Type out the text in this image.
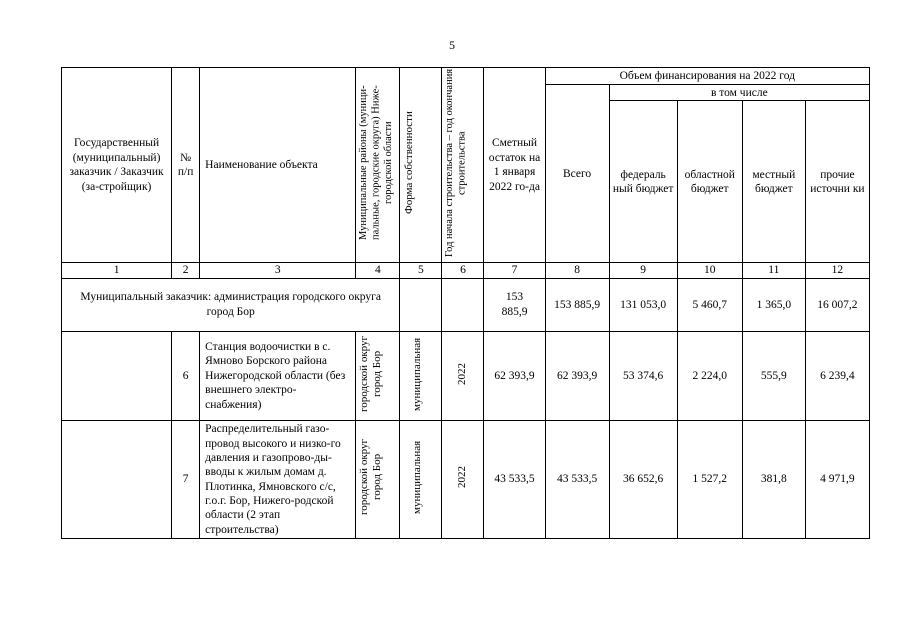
5
Государственный (муниципальный) заказчик / Заказчик (за-стройщик)	№ п/п	Наименование объекта	Муниципальные районы (муници-пальные, городские округа) Ниже-городской области	Форма собственности	Год начала строительства – год окончания строительства	Сметный остаток на 1 января 2022 го-да	Объем финансирования на 2022 год				
							Всего	в том числе			
								федераль ный бюджет	областной бюджет	местный бюджет	прочие источни ки
1	2	3	4	5	6	7	8	9	10	11	12
Муниципальный заказчик: администрация городского округа город Бор						153 885,9	153 885,9	131 053,0	5 460,7	1 365,0	16 007,2
	6	Станция водоочистки в с. Ямново Борского района Нижегородской области (без внешнего электро-снабжения)	городской округ город Бор	муниципальная	2022	62 393,9	62 393,9	53 374,6	2 224,0	555,9	6 239,4
	7	Распределительный газо-провод высокого и низко-го давления и газопрово-ды-вводы к жилым домам д. Плотинка, Ямновского с/с, г.о.г. Бор, Нижего-родской области (2 этап строительства)	городской округ город Бор	муниципальная	2022	43 533,5	43 533,5	36 652,6	1 527,2	381,8	4 971,9
